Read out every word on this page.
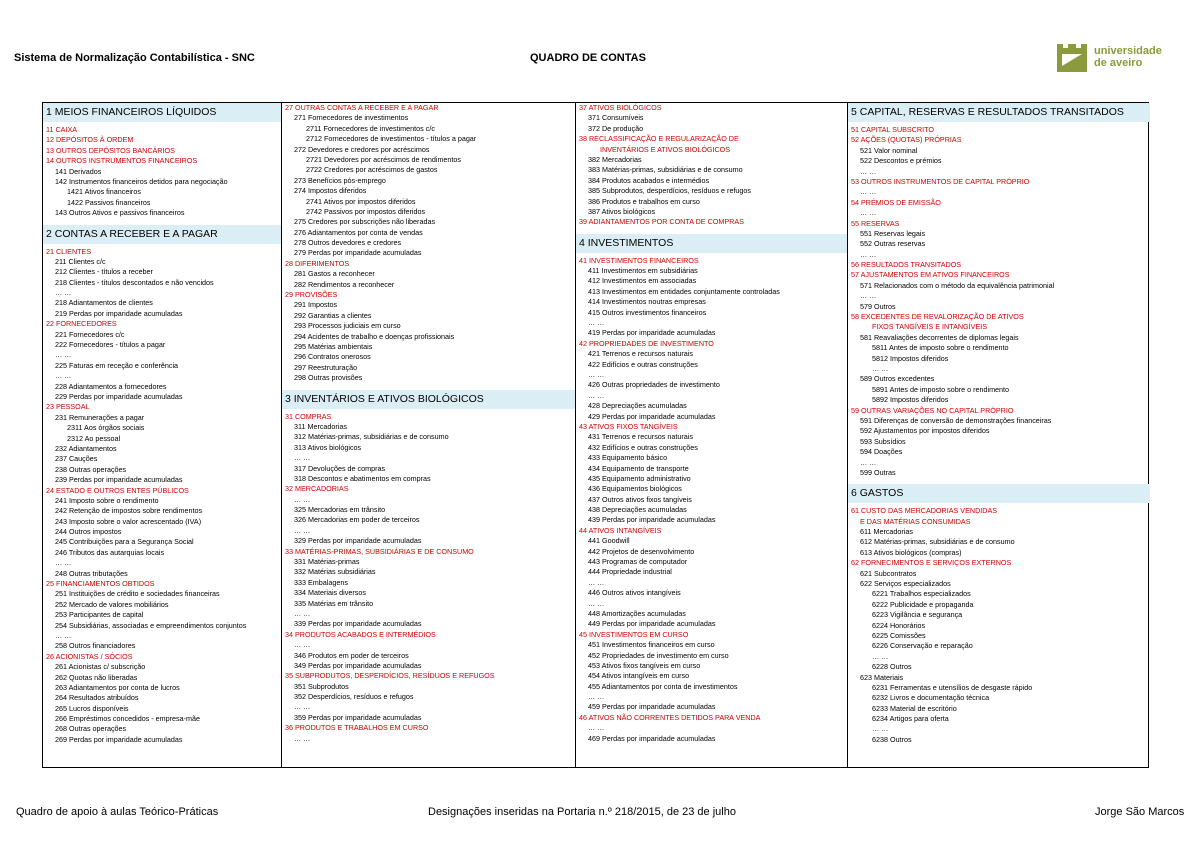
Sistema de Normalização Contabilística - SNC	QUADRO DE CONTAS
universidade
de aveiro
1 MEIOS FINANCEIROS LÍQUIDOS
11 CAIXA
12 DEPÓSITOS À ORDEM
13 OUTROS DEPÓSITOS BANCÁRIOS
14 OUTROS INSTRUMENTOS FINANCEIROS
141 Derivados
142 Instrumentos financeiros detidos para negociação
1421 Ativos financeiros
1422 Passivos financeiros
143 Outros Ativos e passivos financeiros
2 CONTAS A RECEBER E A PAGAR
21 CLIENTES
211 Clientes c/c
212 Clientes - títulos a receber
218 Clientes - títulos descontados e não vencidos
… …
218 Adiantamentos de clientes
219 Perdas por imparidade acumuladas
22 FORNECEDORES
221 Fornecedores c/c
222 Fornecedores - títulos a pagar
… …
225 Faturas em receção e conferência
… …
228 Adiantamentos a fornecedores
229 Perdas por imparidade acumuladas
23 PESSOAL
231 Remunerações a pagar
2311 Aos órgãos sociais
2312 Ao pessoal
232 Adiantamentos
237 Cauções
238 Outras operações
239 Perdas por imparidade acumuladas
24 ESTADO E OUTROS ENTES PÚBLICOS
241 Imposto sobre o rendimento
242 Retenção de impostos sobre rendimentos
243 Imposto sobre o valor acrescentado (IVA)
244 Outros impostos
245 Contribuições para a Segurança Social
246 Tributos das autarquias locais
… …
248 Outras tributações
25 FINANCIAMENTOS OBTIDOS
251 Instituições de crédito e sociedades financeiras
252 Mercado de valores mobiliários
253 Participantes de capital
254 Subsidiárias, associadas e empreendimentos conjuntos
… …
258 Outros financiadores
26 ACIONISTAS / SÓCIOS
261 Acionistas c/ subscrição
262 Quotas não liberadas
263 Adiantamentos por conta de lucros
264 Resultados atribuídos
265 Lucros disponíveis
266 Empréstimos concedidos - empresa-mãe
268 Outras operações
269 Perdas por imparidade acumuladas
27 OUTRAS CONTAS A RECEBER E A PAGAR
271 Fornecedores de investimentos
2711 Fornecedores de investimentos c/c
2712 Fornecedores de investimentos - títulos a pagar
272 Devedores e credores por acréscimos
2721 Devedores por acréscimos de rendimentos
2722 Credores por acréscimos de gastos
273 Benefícios pós-emprego
274 Impostos diferidos
2741 Ativos por impostos diferidos
2742 Passivos por impostos diferidos
275 Credores por subscrições não liberadas
276 Adiantamentos por conta de vendas
278 Outros devedores e credores
279 Perdas por imparidade acumuladas
28 DIFERIMENTOS
281 Gastos a reconhecer
282 Rendimentos a reconhecer
29 PROVISÕES
291 Impostos
292 Garantias a clientes
293 Processos judiciais em curso
294 Acidentes de trabalho e doenças profissionais
295 Matérias ambientais
296 Contratos onerosos
297 Reestruturação
298 Outras provisões
3 INVENTÁRIOS E ATIVOS BIOLÓGICOS
31 COMPRAS
311 Mercadorias
312 Matérias-primas, subsidiárias e de consumo
313 Ativos biológicos
… …
317 Devoluções de compras
318 Descontos e abatimentos em compras
32 MERCADORIAS
… …
325 Mercadorias em trânsito
326 Mercadorias em poder de terceiros
… …
329 Perdas por imparidade acumuladas
33 MATÉRIAS-PRIMAS, SUBSIDIÁRIAS E DE CONSUMO
331 Matérias-primas
332 Matérias subsidiárias
333 Embalagens
334 Materiais diversos
335 Matérias em trânsito
… …
339 Perdas por imparidade acumuladas
34 PRODUTOS ACABADOS E INTERMÉDIOS
… …
346 Produtos em poder de terceiros
349 Perdas por imparidade acumuladas
35 SUBPRODUTOS, DESPERDÍCIOS, RESÍDUOS E REFUGOS
351 Subprodutos
352 Desperdícios, resíduos e refugos
… …
359 Perdas por imparidade acumuladas
36 PRODUTOS E TRABALHOS EM CURSO
… …
37 ATIVOS BIOLÓGICOS
371 Consumíveis
372 De produção
38 RECLASSIFICAÇÃO E REGULARIZAÇÃO DE
INVENTÁRIOS E ATIVOS BIOLÓGICOS
382 Mercadorias
383 Matérias-primas, subsidiárias e de consumo
384 Produtos acabados e intermédios
385 Subprodutos, desperdícios, resíduos e refugos
386 Produtos e trabalhos em curso
387 Ativos biológicos
39 ADIANTAMENTOS POR CONTA DE COMPRAS
4 INVESTIMENTOS
41 INVESTIMENTOS FINANCEIROS
411 Investimentos em subsidiárias
412 Investimentos em associadas
413 Investimentos em entidades conjuntamente controladas
414 Investimentos noutras empresas
415 Outros investimentos financeiros
… …
419 Perdas por imparidade acumuladas
42 PROPRIEDADES DE INVESTIMENTO
421 Terrenos e recursos naturais
422 Edifícios e outras construções
… …
426 Outras propriedades de investimento
… …
428 Depreciações acumuladas
429 Perdas por imparidade acumuladas
43 ATIVOS FIXOS TANGÍVEIS
431 Terrenos e recursos naturais
432 Edifícios e outras construções
433 Equipamento básico
434 Equipamento de transporte
435 Equipamento administrativo
436 Equipamentos biológicos
437 Outros ativos fixos tangíveis
438 Depreciações acumuladas
439 Perdas por imparidade acumuladas
44 ATIVOS INTANGÍVEIS
441 Goodwill
442 Projetos de desenvolvimento
443 Programas de computador
444 Propriedade industrial
… …
446 Outros ativos intangíveis
… …
448 Amortizações acumuladas
449 Perdas por imparidade acumuladas
45 INVESTIMENTOS EM CURSO
451 Investimentos financeiros em curso
452 Propriedades de investimento em curso
453 Ativos fixos tangíveis em curso
454 Ativos intangíveis em curso
455 Adiantamentos por conta de investimentos
… …
459 Perdas por imparidade acumuladas
46 ATIVOS NÃO CORRENTES DETIDOS PARA VENDA
… …
469 Perdas por imparidade acumuladas
5 CAPITAL, RESERVAS E RESULTADOS TRANSITADOS
51 CAPITAL SUBSCRITO
52 AÇÕES (QUOTAS) PRÓPRIAS
521 Valor nominal
522 Descontos e prémios
… …
53 OUTROS INSTRUMENTOS DE CAPITAL PRÓPRIO
… …
54 PRÉMIOS DE EMISSÃO
… …
55 RESERVAS
551 Reservas legais
552 Outras reservas
… …
56 RESULTADOS TRANSITADOS
57 AJUSTAMENTOS EM ATIVOS FINANCEIROS
571 Relacionados com o método da equivalência patrimonial
… …
579 Outros
58 EXCEDENTES DE REVALORIZAÇÃO DE ATIVOS
FIXOS TANGÍVEIS E INTANGÍVEIS
581 Reavaliações decorrentes de diplomas legais
5811 Antes de imposto sobre o rendimento
5812 Impostos diferidos
… …
589 Outros excedentes
5891 Antes de imposto sobre o rendimento
5892 Impostos diferidos
59 OUTRAS VARIAÇÕES NO CAPITAL PRÓPRIO
591 Diferenças de conversão de demonstrações financeiras
592 Ajustamentos por impostos diferidos
593 Subsídios
594 Doações
… …
599 Outras
6 GASTOS
61 CUSTO DAS MERCADORIAS VENDIDAS
E DAS MATÉRIAS CONSUMIDAS
611 Mercadorias
612 Matérias-primas, subsidiárias e de consumo
613 Ativos biológicos (compras)
62 FORNECIMENTOS E SERVIÇOS EXTERNOS
621 Subcontratos
622 Serviços especializados
6221 Trabalhos especializados
6222 Publicidade e propaganda
6223 Vigilância e segurança
6224 Honorários
6225 Comissões
6226 Conservação e reparação
… …
6228 Outros
623 Materiais
6231 Ferramentas e utensílios de desgaste rápido
6232 Livros e documentação técnica
6233 Material de escritório
6234 Artigos para oferta
… …
6238 Outros
Quadro de apoio à aulas Teórico-Práticas	Designações inseridas na Portaria n.º 218/2015, de 23 de julho	Jorge São Marcos
